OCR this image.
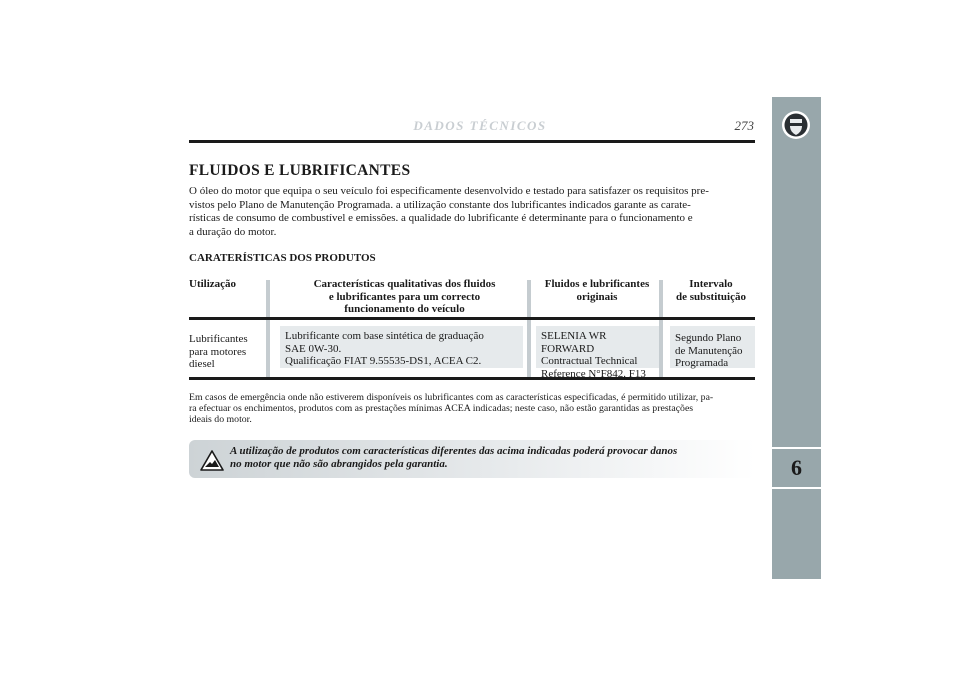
DADOS TÉCNICOS	273
6
FLUIDOS E LUBRIFICANTES
O óleo do motor que equipa o seu veículo foi especificamente desenvolvido e testado para satisfazer os requisitos pre-
vistos pelo Plano de Manutenção Programada. a utilização constante dos lubrificantes indicados garante as carate-
rísticas de consumo de combustível e emissões. a qualidade do lubrificante é determinante para o funcionamento e
a duração do motor.
CARATERÍSTICAS DOS PRODUTOS
Utilização	Características qualitativas dos fluidos
e lubrificantes para um correcto
funcionamento do veículo
Fluidos e lubrificantes
originais
Intervalo
de substituição
Lubrificantes
para motores
diesel
Lubrificante com base sintética de graduação
SAE 0W-30.
Qualificação FIAT 9.55535-DS1, ACEA C2.
SELENIA WR FORWARD
Contractual Technical
Reference N°F842. F13
Segundo Plano
de Manutenção
Programada
Em casos de emergência onde não estiverem disponíveis os lubrificantes com as características especificadas, é permitido utilizar, pa-
ra efectuar os enchimentos, produtos com as prestações mínimas ACEA indicadas; neste caso, não estão garantidas as prestações
ideais do motor.
A utilização de produtos com características diferentes das acima indicadas poderá provocar danos
no motor que não são abrangidos pela garantia.
